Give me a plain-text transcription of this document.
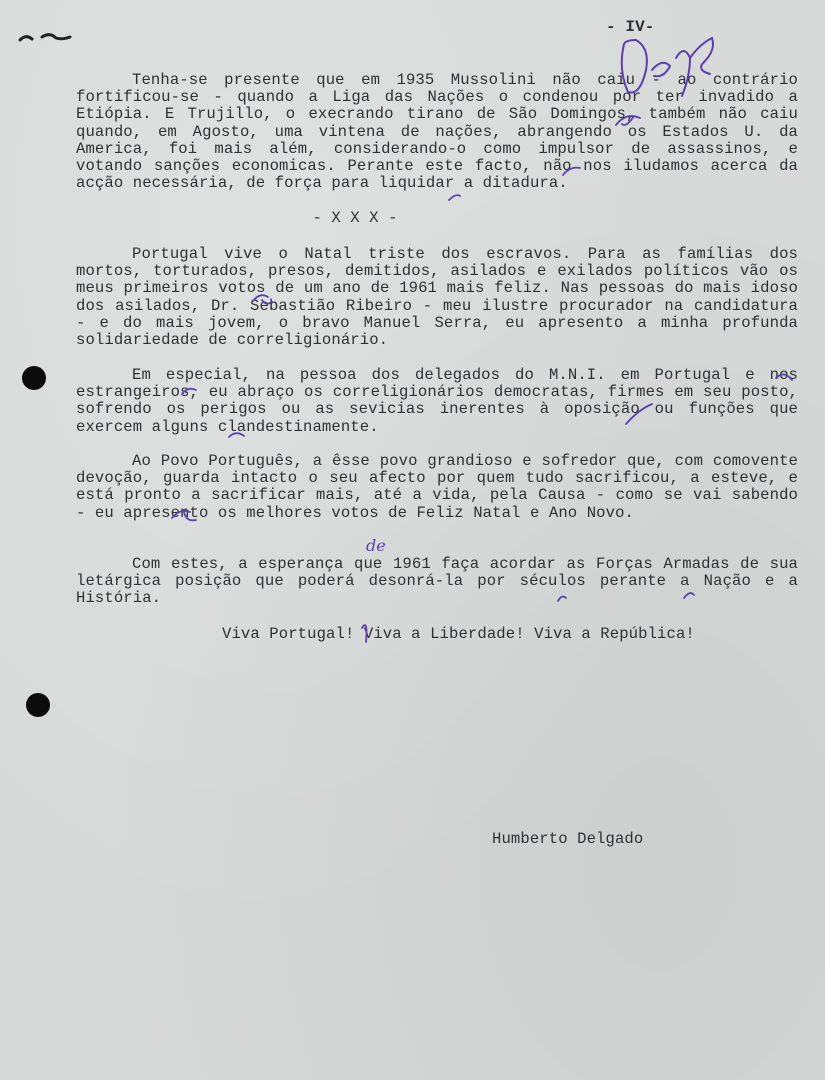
- IV-

Tenha-se presente que em 1935 Mussolini não caiu - ao contrário fortificou-se - quando a Liga das Nações o condenou por ter invadido a Etiópia. E Trujillo, o execrando tirano de São Domingos, também não caiu quando, em Agosto, uma vintena de nações, abrangendo os Estados U. da America, foi mais além, considerando-o como impulsor de assassinos, e votando sanções economicas. Perante este facto, não nos iludamos acerca da acção necessária, de força para liquidar a ditadura.

- X X X -

Portugal vive o Natal triste dos escravos. Para as famílias dos mortos, torturados, presos, demitidos, asilados e exilados políticos vão os meus primeiros votos de um ano de 1961 mais feliz. Nas pessoas do mais idoso dos asilados, Dr. Sebastião Ribeiro - meu ilustre procurador na candidatura - e do mais jovem, o bravo Manuel Serra, eu apresento a minha profunda solidariedade de correligionário.

Em especial, na pessoa dos delegados do M.N.I. em Portugal e nos estrangeiros, eu abraço os correligionários democratas, firmes em seu posto, sofrendo os perigos ou as sevicias inerentes à oposição ou funções que exercem alguns clandestinamente.

Ao Povo Português, a êsse povo grandioso e sofredor que, com comovente devoção, guarda intacto o seu afecto por quem tudo sacrificou, a esteve, e está pronto a sacrificar mais, até a vida, pela Causa - como se vai sabendo - eu apresento os melhores votos de Feliz Natal e Ano Novo.

Com estes, a esperança que 1961 faça acordar as Forças Armadas de sua letárgica posição que poderá desonrá-la por séculos perante a Nação e a História.

Viva Portugal! Viva a Liberdade! Viva a República!
Humberto Delgado
de
